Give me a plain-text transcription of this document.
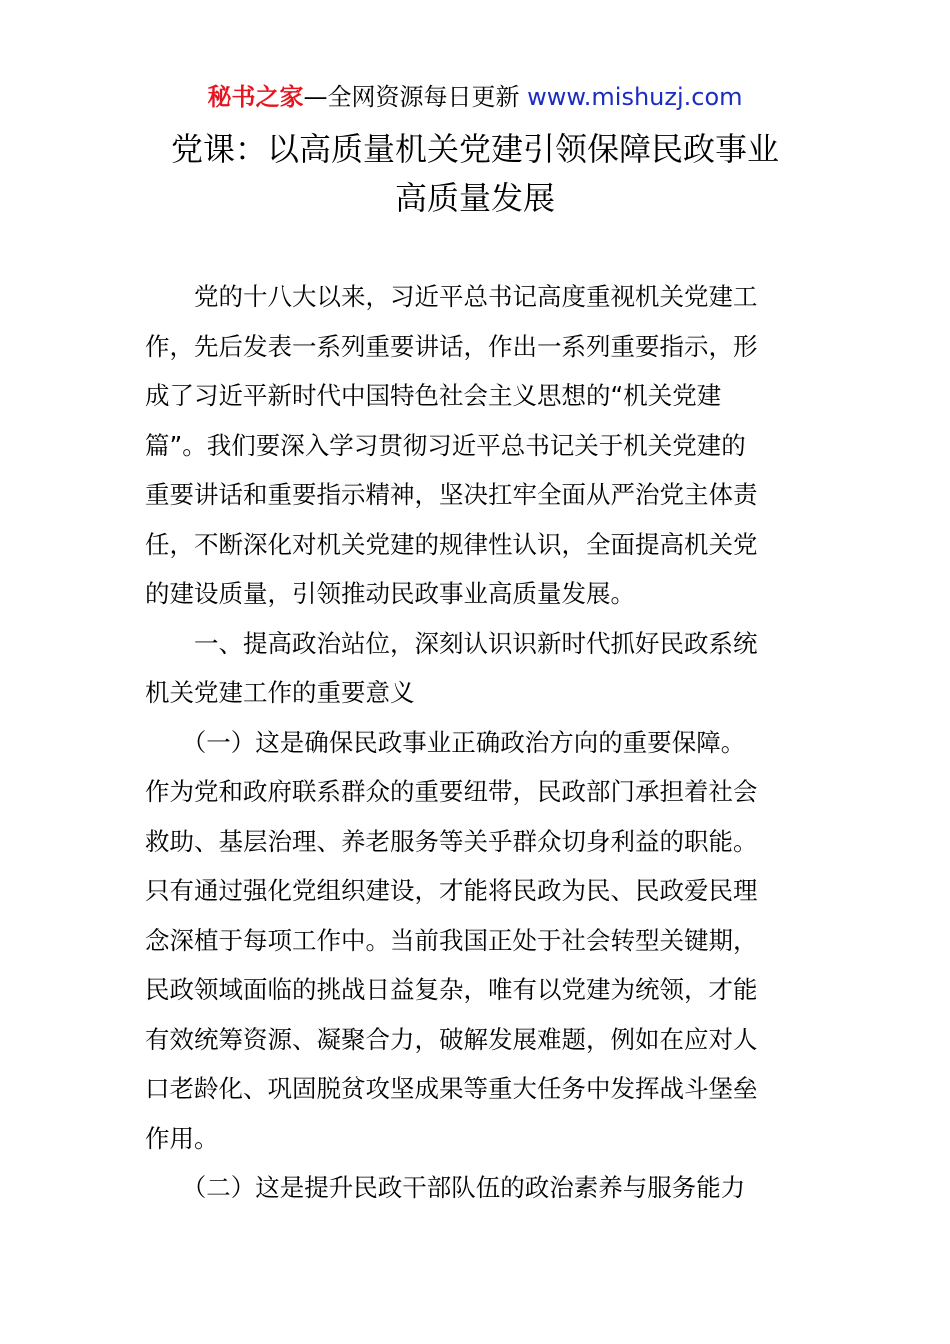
秘书之家—全网资源每日更新 www.mishuzj.com
党课：以高质量机关党建引领保障民政事业
高质量发展
　　党的十八大以来，习近平总书记高度重视机关党建工
作，先后发表一系列重要讲话，作出一系列重要指示，形
成了习近平新时代中国特色社会主义思想的“机关党建
篇”。我们要深入学习贯彻习近平总书记关于机关党建的
重要讲话和重要指示精神，坚决扛牢全面从严治党主体责
任，不断深化对机关党建的规律性认识，全面提高机关党
的建设质量，引领推动民政事业高质量发展。
　　一、提高政治站位，深刻认识识新时代抓好民政系统
机关党建工作的重要意义
　　（一）这是确保民政事业正确政治方向的重要保障。
作为党和政府联系群众的重要纽带，民政部门承担着社会
救助、基层治理、养老服务等关乎群众切身利益的职能。
只有通过强化党组织建设，才能将民政为民、民政爱民理
念深植于每项工作中。当前我国正处于社会转型关键期，
民政领域面临的挑战日益复杂，唯有以党建为统领，才能
有效统筹资源、凝聚合力，破解发展难题，例如在应对人
口老龄化、巩固脱贫攻坚成果等重大任务中发挥战斗堡垒
作用。
　　（二）这是提升民政干部队伍的政治素养与服务能力
